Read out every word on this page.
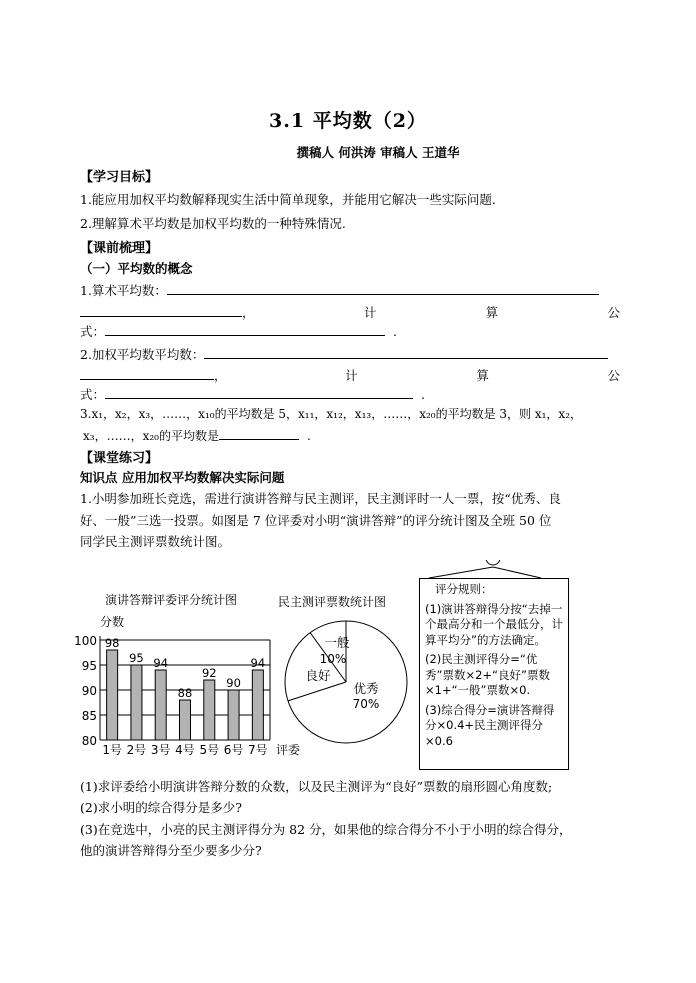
3.1 平均数（2）
撰稿人 何洪涛 审稿人 王道华
【学习目标】
1.能应用加权平均数解释现实生活中简单现象，并能用它解决一些实际问题.
2.理解算术平均数是加权平均数的一种特殊情况.
【课前梳理】
（一）平均数的概念
1.算术平均数：
，	计	算	公
式：	.
2.加权平均数平均数：
，	计	算	公
式：	.
3.x₁，x₂，x₃，……，x₁₀的平均数是 5，x₁₁，x₁₂，x₁₃，……，x₂₀的平均数是 3，则 x₁，x₂，
x₃，……，x₂₀的平均数是	.
【课堂练习】
知识点 应用加权平均数解决实际问题
1.小明参加班长竞选，需进行演讲答辩与民主测评，民主测评时一人一票，按“优秀、良
好、一般”三选一投票。如图是 7 位评委对小明“演讲答辩”的评分统计图及全班 50 位
同学民主测评票数统计图。
演讲答辩评委评分统计图
分数
80
85
90
95
100 98
1号
95
2号
94
3号
88
4号
92
5号
90
6号
94
7号 评委
民主测评票数统计图
优秀
70%
良好
一般
10%

评分规则：

(1)演讲答辩得分按“去掉一个最高分和一个最低分，计算平均分”的方法确定。

(2)民主测评得分=“优秀”票数×2+“良好”票数×1+“一般”票数×0.

(3)综合得分=演讲答辩得分×0.4+民主测评得分×0.6

(1)求评委给小明演讲答辩分数的众数，以及民主测评为“良好”票数的扇形圆心角度数;
(2)求小明的综合得分是多少?
(3)在竞选中，小亮的民主测评得分为 82 分，如果他的综合得分不小于小明的综合得分，
他的演讲答辩得分至少要多少分?
